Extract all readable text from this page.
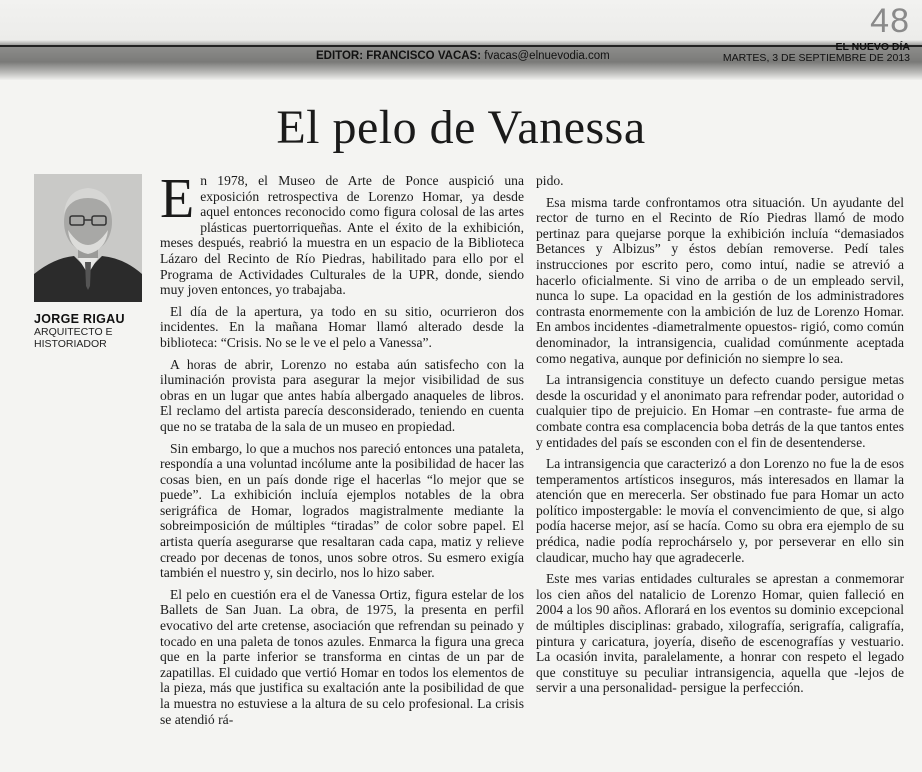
48
EDITOR: FRANCISCO VACAS: fvacas@elnuevodia.com
EL NUEVO DÍA
MARTES, 3 DE SEPTIEMBRE DE 2013
El pelo de Vanessa
JORGE RIGAU
ARQUITECTO E HISTORIADOR

En 1978, el Museo de Arte de Ponce auspició una exposición retrospectiva de Lorenzo Homar, ya desde aquel entonces reconocido como figura colosal de las artes plásticas puertorriqueñas. Ante el éxito de la exhibición, meses después, reabrió la muestra en un espacio de la Biblioteca Lázaro del Recinto de Río Piedras, habilitado para ello por el Programa de Actividades Culturales de la UPR, donde, siendo muy joven entonces, yo trabajaba.

El día de la apertura, ya todo en su sitio, ocurrieron dos incidentes. En la mañana Homar llamó alterado desde la biblioteca: “Crisis. No se le ve el pelo a Vanessa”.

A horas de abrir, Lorenzo no estaba aún satisfecho con la iluminación provista para asegurar la mejor visibilidad de sus obras en un lugar que antes había albergado anaqueles de libros. El reclamo del artista parecía desconsiderado, teniendo en cuenta que no se trataba de la sala de un museo en propiedad.

Sin embargo, lo que a muchos nos pareció entonces una pataleta, respondía a una voluntad incólume ante la posibilidad de hacer las cosas bien, en un país donde rige el hacerlas “lo mejor que se puede”. La exhibición incluía ejemplos notables de la obra serigráfica de Homar, logrados magistralmente mediante la sobreimposición de múltiples “tiradas” de color sobre papel. El artista quería asegurarse que resaltaran cada capa, matiz y relieve creado por decenas de tonos, unos sobre otros. Su esmero exigía también el nuestro y, sin decirlo, nos lo hizo saber.

El pelo en cuestión era el de Vanessa Ortiz, figura estelar de los Ballets de San Juan. La obra, de 1975, la presenta en perfil evocativo del arte cretense, asociación que refrendan su peinado y tocado en una paleta de tonos azules. Enmarca la figura una greca que en la parte inferior se transforma en cintas de un par de zapatillas. El cuidado que vertió Homar en todos los elementos de la pieza, más que justifica su exaltación ante la posibilidad de que la muestra no estuviese a la altura de su celo profesional. La crisis se atendió rá-

pido.

Esa misma tarde confrontamos otra situación. Un ayudante del rector de turno en el Recinto de Río Piedras llamó de modo pertinaz para quejarse porque la exhibición incluía “demasiados Betances y Albizus” y éstos debían removerse. Pedí tales instrucciones por escrito pero, como intuí, nadie se atrevió a hacerlo oficialmente. Si vino de arriba o de un empleado servil, nunca lo supe. La opacidad en la gestión de los administradores contrasta enormemente con la ambición de luz de Lorenzo Homar. En ambos incidentes -diametralmente opuestos- rigió, como común denominador, la intransigencia, cualidad comúnmente aceptada como negativa, aunque por definición no siempre lo sea.

La intransigencia constituye un defecto cuando persigue metas desde la oscuridad y el anonimato para refrendar poder, autoridad o cualquier tipo de prejuicio. En Homar –en contraste- fue arma de combate contra esa complacencia boba detrás de la que tantos entes y entidades del país se esconden con el fin de desentenderse.

La intransigencia que caracterizó a don Lorenzo no fue la de esos temperamentos artísticos inseguros, más interesados en llamar la atención que en merecerla. Ser obstinado fue para Homar un acto político impostergable: le movía el convencimiento de que, si algo podía hacerse mejor, así se hacía. Como su obra era ejemplo de su prédica, nadie podía reprochárselo y, por perseverar en ello sin claudicar, mucho hay que agradecerle.

Este mes varias entidades culturales se aprestan a conmemorar los cien años del natalicio de Lorenzo Homar, quien falleció en 2004 a los 90 años. Aflorará en los eventos su dominio excepcional de múltiples disciplinas: grabado, xilografía, serigrafía, caligrafía, pintura y caricatura, joyería, diseño de escenografías y vestuario. La ocasión invita, paralelamente, a honrar con respeto el legado que constituye su peculiar intransigencia, aquella que -lejos de servir a una personalidad- persigue la perfección.
